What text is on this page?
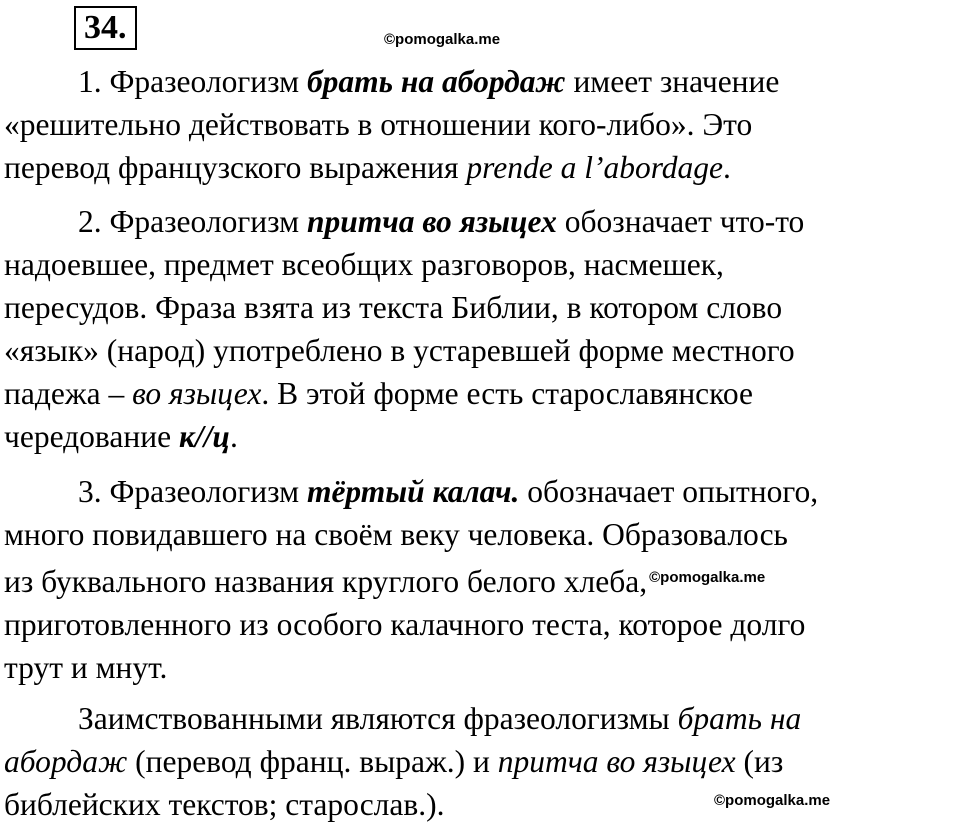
34.	©pomogalka.me
1. Фразеологизм брать на абордаж имеет значение
«решительно действовать в отношении кого-либо». Это
перевод французского выражения prende a l’abordage.
2. Фразеологизм притча во языцех обозначает что-то
надоевшее, предмет всеобщих разговоров, насмешек,
пересудов. Фраза взята из текста Библии, в котором слово
«язык» (народ) употреблено в устаревшей форме местного
падежа – во языцех. В этой форме есть старославянское
чередование к//ц.
3. Фразеологизм тёртый калач. обозначает опытного,
много повидавшего на своём веку человека. Образовалось
из буквального названия круглого белого хлеба, $^{©pomogalka.me}$
приготовленного из особого калачного теста, которое долго
трут и мнут.
Заимствованными являются фразеологизмы брать на
абордаж (перевод франц. выраж.) и притча во языцех (из
библейских текстов; старослав.).	©pomogalka.me
